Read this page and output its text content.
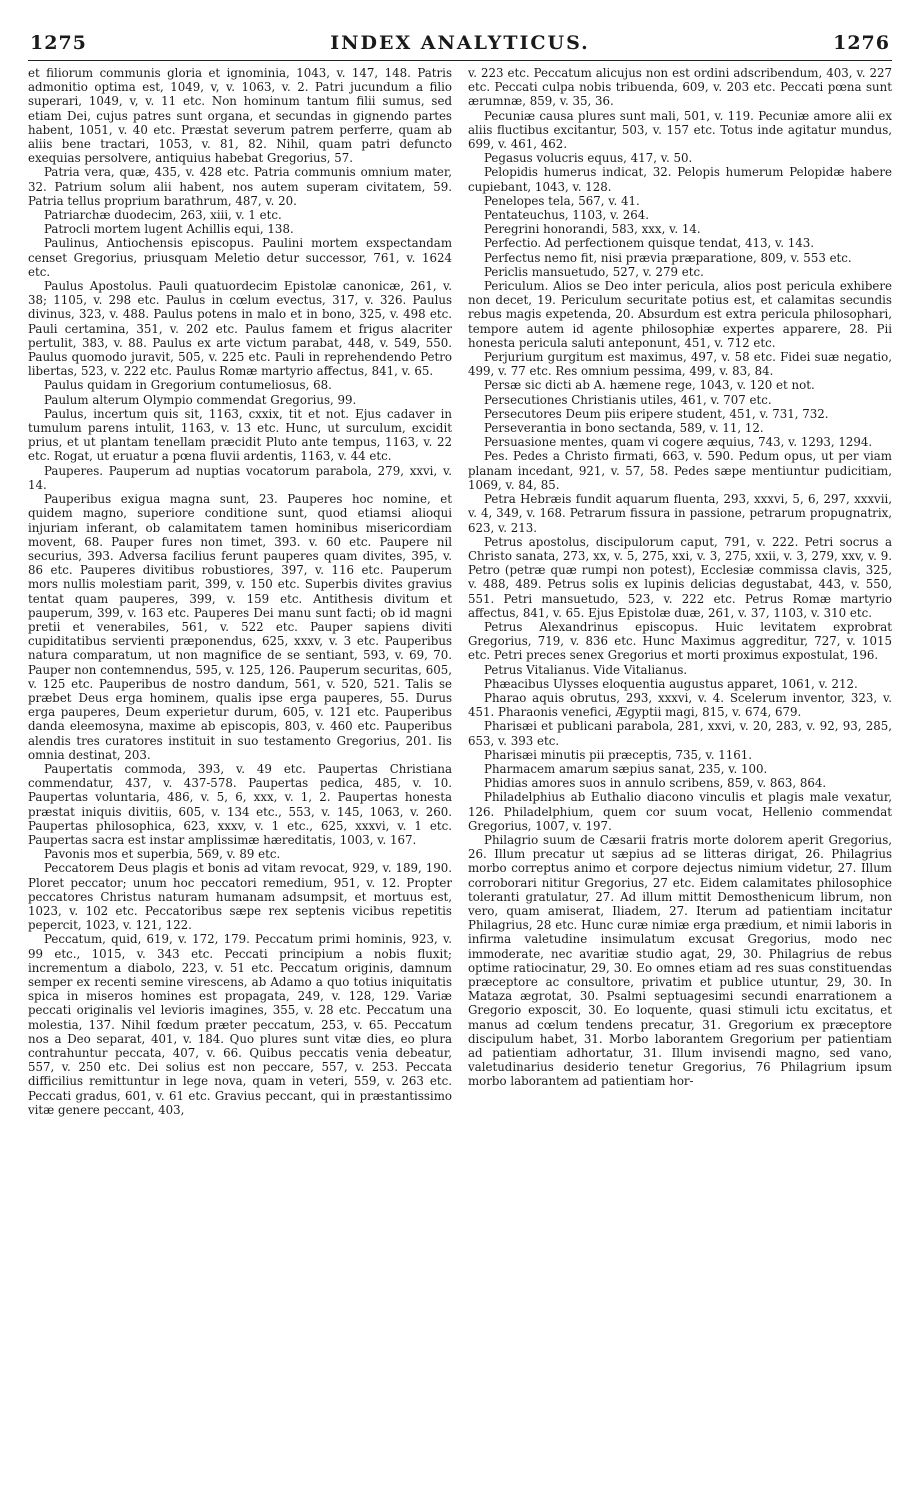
1275	INDEX ANALYTICUS.	1276

et filiorum communis gloria et ignominia, 1043, v. 147, 148. Patris admonitio optima est, 1049, v, v. 1063, v. 2. Patri jucundum a filio superari, 1049, v, v. 11 etc. Non hominum tantum filii sumus, sed etiam Dei, cujus patres sunt organa, et secundas in gignendo partes habent, 1051, v. 40 etc. Præstat severum patrem perferre, quam ab aliis bene tractari, 1053, v. 81, 82. Nihil, quam patri defuncto exequias persolvere, antiquius habebat Gregorius, 57.

Patria vera, quæ, 435, v. 428 etc. Patria communis omnium mater, 32. Patrium solum alii habent, nos autem superam civitatem, 59. Patria tellus proprium barathrum, 487, v. 20.

Patriarchæ duodecim, 263, xiii, v. 1 etc.

Patrocli mortem lugent Achillis equi, 138.

Paulinus, Antiochensis episcopus. Paulini mortem exspectandam censet Gregorius, priusquam Meletio detur successor, 761, v. 1624 etc.

Paulus Apostolus. Pauli quatuordecim Epistolæ canonicæ, 261, v. 38; 1105, v. 298 etc. Paulus in cœlum evectus, 317, v. 326. Paulus divinus, 323, v. 488. Paulus potens in malo et in bono, 325, v. 498 etc. Pauli certamina, 351, v. 202 etc. Paulus famem et frigus alacriter pertulit, 383, v. 88. Paulus ex arte victum parabat, 448, v. 549, 550. Paulus quomodo juravit, 505, v. 225 etc. Pauli in reprehendendo Petro libertas, 523, v. 222 etc. Paulus Romæ martyrio affectus, 841, v. 65.

Paulus quidam in Gregorium contumeliosus, 68.

Paulum alterum Olympio commendat Gregorius, 99.

Paulus, incertum quis sit, 1163, cxxix, tit et not. Ejus cadaver in tumulum parens intulit, 1163, v. 13 etc. Hunc, ut surculum, excidit prius, et ut plantam tenellam præcidit Pluto ante tempus, 1163, v. 22 etc. Rogat, ut eruatur a pœna fluvii ardentis, 1163, v. 44 etc.

Pauperes. Pauperum ad nuptias vocatorum parabola, 279, xxvi, v. 14.

Pauperibus exigua magna sunt, 23. Pauperes hoc nomine, et quidem magno, superiore conditione sunt, quod etiamsi alioqui injuriam inferant, ob calamitatem tamen hominibus misericordiam movent, 68. Pauper fures non timet, 393. v. 60 etc. Paupere nil securius, 393. Adversa facilius ferunt pauperes quam divites, 395, v. 86 etc. Pauperes divitibus robustiores, 397, v. 116 etc. Pauperum mors nullis molestiam parit, 399, v. 150 etc. Superbis divites gravius tentat quam pauperes, 399, v. 159 etc. Antithesis divitum et pauperum, 399, v. 163 etc. Pauperes Dei manu sunt facti; ob id magni pretii et venerabiles, 561, v. 522 etc. Pauper sapiens diviti cupiditatibus servienti præponendus, 625, xxxv, v. 3 etc. Pauperibus natura comparatum, ut non magnifice de se sentiant, 593, v. 69, 70. Pauper non contemnendus, 595, v. 125, 126. Pauperum securitas, 605, v. 125 etc. Pauperibus de nostro dandum, 561, v. 520, 521. Talis se præbet Deus erga hominem, qualis ipse erga pauperes, 55. Durus erga pauperes, Deum experietur durum, 605, v. 121 etc. Pauperibus danda eleemosyna, maxime ab episcopis, 803, v. 460 etc. Pauperibus alendis tres curatores instituit in suo testamento Gregorius, 201. Iis omnia destinat, 203.

Paupertatis commoda, 393, v. 49 etc. Paupertas Christiana commendatur, 437, v. 437-578. Paupertas pedica, 485, v. 10. Paupertas voluntaria, 486, v. 5, 6, xxx, v. 1, 2. Paupertas honesta præstat iniquis divitiis, 605, v. 134 etc., 553, v. 145, 1063, v. 260. Paupertas philosophica, 623, xxxv, v. 1 etc., 625, xxxvi, v. 1 etc. Paupertas sacra est instar amplissimæ hæreditatis, 1003, v. 167.

Pavonis mos et superbia, 569, v. 89 etc.

Peccatorem Deus plagis et bonis ad vitam revocat, 929, v. 189, 190. Ploret peccator; unum hoc peccatori remedium, 951, v. 12. Propter peccatores Christus naturam humanam adsumpsit, et mortuus est, 1023, v. 102 etc. Peccatoribus sæpe rex septenis vicibus repetitis pepercit, 1023, v. 121, 122.

Peccatum, quid, 619, v. 172, 179. Peccatum primi hominis, 923, v. 99 etc., 1015, v. 343 etc. Peccati principium a nobis fluxit; incrementum a diabolo, 223, v. 51 etc. Peccatum originis, damnum semper ex recenti semine virescens, ab Adamo a quo totius iniquitatis spica in miseros homines est propagata, 249, v. 128, 129. Variæ peccati originalis vel levioris imagines, 355, v. 28 etc. Peccatum una molestia, 137. Nihil fœdum præter peccatum, 253, v. 65. Peccatum nos a Deo separat, 401, v. 184. Quo plures sunt vitæ dies, eo plura contrahuntur peccata, 407, v. 66. Quibus peccatis venia debeatur, 557, v. 250 etc. Dei solius est non peccare, 557, v. 253. Peccata difficilius remittuntur in lege nova, quam in veteri, 559, v. 263 etc. Peccati gradus, 601, v. 61 etc. Gravius peccant, qui in præstantissimo vitæ genere peccant, 403,

v. 223 etc. Peccatum alicujus non est ordini adscribendum, 403, v. 227 etc. Peccati culpa nobis tribuenda, 609, v. 203 etc. Peccati pœna sunt ærumnæ, 859, v. 35, 36.

Pecuniæ causa plures sunt mali, 501, v. 119. Pecuniæ amore alii ex aliis fluctibus excitantur, 503, v. 157 etc. Totus inde agitatur mundus, 699, v. 461, 462.

Pegasus volucris equus, 417, v. 50.

Pelopidis humerus indicat, 32. Pelopis humerum Pelopidæ habere cupiebant, 1043, v. 128.

Penelopes tela, 567, v. 41.

Pentateuchus, 1103, v. 264.

Peregrini honorandi, 583, xxx, v. 14.

Perfectio. Ad perfectionem quisque tendat, 413, v. 143.

Perfectus nemo fit, nisi prævia præparatione, 809, v. 553 etc.

Periclis mansuetudo, 527, v. 279 etc.

Periculum. Alios se Deo inter pericula, alios post pericula exhibere non decet, 19. Periculum securitate potius est, et calamitas secundis rebus magis expetenda, 20. Absurdum est extra pericula philosophari, tempore autem id agente philosophiæ expertes apparere, 28. Pii honesta pericula saluti anteponunt, 451, v. 712 etc.

Perjurium gurgitum est maximus, 497, v. 58 etc. Fidei suæ negatio, 499, v. 77 etc. Res omnium pessima, 499, v. 83, 84.

Persæ sic dicti ab A. hæmene rege, 1043, v. 120 et not.

Persecutiones Christianis utiles, 461, v. 707 etc.

Persecutores Deum piis eripere student, 451, v. 731, 732.

Perseverantia in bono sectanda, 589, v. 11, 12.

Persuasione mentes, quam vi cogere æquius, 743, v. 1293, 1294.

Pes. Pedes a Christo firmati, 663, v. 590. Pedum opus, ut per viam planam incedant, 921, v. 57, 58. Pedes sæpe mentiuntur pudicitiam, 1069, v. 84, 85.

Petra Hebræis fundit aquarum fluenta, 293, xxxvi, 5, 6, 297, xxxvii, v. 4, 349, v. 168. Petrarum fissura in passione, petrarum propugnatrix, 623, v. 213.

Petrus apostolus, discipulorum caput, 791, v. 222. Petri socrus a Christo sanata, 273, xx, v. 5, 275, xxi, v. 3, 275, xxii, v. 3, 279, xxv, v. 9. Petro (petræ quæ rumpi non potest), Ecclesiæ commissa clavis, 325, v. 488, 489. Petrus solis ex lupinis delicias degustabat, 443, v. 550, 551. Petri mansuetudo, 523, v. 222 etc. Petrus Romæ martyrio affectus, 841, v. 65. Ejus Epistolæ duæ, 261, v. 37, 1103, v. 310 etc.

Petrus Alexandrinus episcopus. Huic levitatem exprobrat Gregorius, 719, v. 836 etc. Hunc Maximus aggreditur, 727, v. 1015 etc. Petri preces senex Gregorius et morti proximus expostulat, 196.

Petrus Vitalianus. Vide Vitalianus.

Phæacibus Ulysses eloquentia augustus apparet, 1061, v. 212.

Pharao aquis obrutus, 293, xxxvi, v. 4. Scelerum inventor, 323, v. 451. Pharaonis venefici, Ægyptii magi, 815, v. 674, 679.

Pharisæi et publicani parabola, 281, xxvi, v. 20, 283, v. 92, 93, 285, 653, v. 393 etc.

Pharisæi minutis pii præceptis, 735, v. 1161.

Pharmacem amarum sæpius sanat, 235, v. 100.

Phidias amores suos in annulo scribens, 859, v. 863, 864.

Philadelphius ab Euthalio diacono vinculis et plagis male vexatur, 126. Philadelphium, quem cor suum vocat, Hellenio commendat Gregorius, 1007, v. 197.

Philagrio suum de Cæsarii fratris morte dolorem aperit Gregorius, 26. Illum precatur ut sæpius ad se litteras dirigat, 26. Philagrius morbo correptus animo et corpore dejectus nimium videtur, 27. Illum corroborari nititur Gregorius, 27 etc. Eidem calamitates philosophice toleranti gratulatur, 27. Ad illum mittit Demosthenicum librum, non vero, quam amiserat, Iliadem, 27. Iterum ad patientiam incitatur Philagrius, 28 etc. Hunc curæ nimiæ erga prædium, et nimii laboris in infirma valetudine insimulatum excusat Gregorius, modo nec immoderate, nec avaritiæ studio agat, 29, 30. Philagrius de rebus optime ratiocinatur, 29, 30. Eo omnes etiam ad res suas constituendas præceptore ac consultore, privatim et publice utuntur, 29, 30. In Mataza ægrotat, 30. Psalmi septuagesimi secundi enarrationem a Gregorio exposcit, 30. Eo loquente, quasi stimuli ictu excitatus, et manus ad cœlum tendens precatur, 31. Gregorium ex præceptore discipulum habet, 31. Morbo laborantem Gregorium per patientiam ad patientiam adhortatur, 31. Illum invisendi magno, sed vano, valetudinarius desiderio tenetur Gregorius, 76 Philagrium ipsum morbo laborantem ad patientiam hor-
